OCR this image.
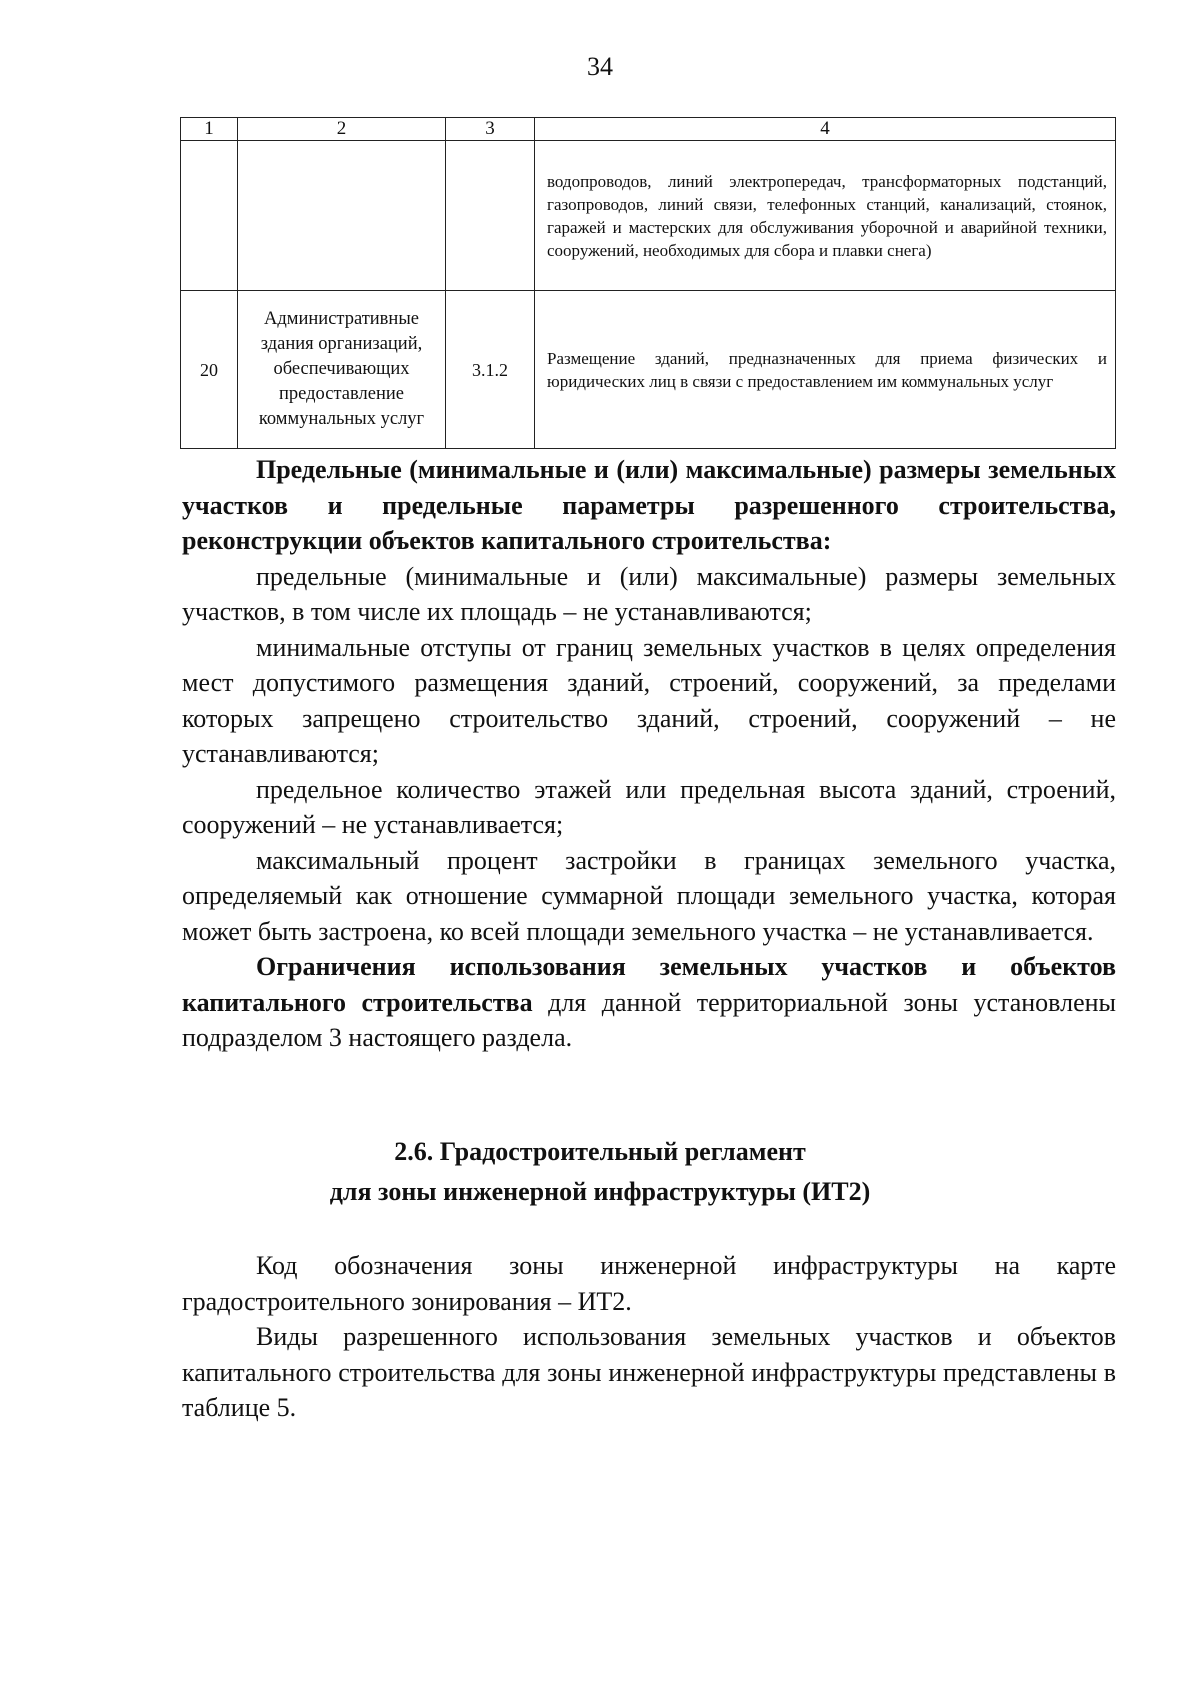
34
1	2	3	4
			водопроводов, линий электропередач, трансформаторных подстанций, газопроводов, линий связи, телефонных станций, канализаций, стоянок, гаражей и мастерских для обслуживания уборочной и аварийной техники, сооружений, необходимых для сбора и плавки снега)
20	Административные здания организаций, обеспечивающих предоставление коммунальных услуг	3.1.2	Размещение зданий, предназначенных для приема физических и юридических лиц в связи с предоставлением им коммунальных услуг

Предельные (минимальные и (или) максимальные) размеры земельных участков и предельные параметры разрешенного строительства, реконструкции объектов капитального строительства:

предельные (минимальные и (или) максимальные) размеры земельных участков, в том числе их площадь – не устанавливаются;

минимальные отступы от границ земельных участков в целях определения мест допустимого размещения зданий, строений, сооружений, за пределами которых запрещено строительство зданий, строений, сооружений – не устанавливаются;

предельное количество этажей или предельная высота зданий, строений, сооружений – не устанавливается;

максимальный процент застройки в границах земельного участка, определяемый как отношение суммарной площади земельного участка, которая может быть застроена, ко всей площади земельного участка – не устанавливается.

Ограничения использования земельных участков и объектов капитального строительства для данной территориальной зоны установлены подразделом 3 настоящего раздела.

2.6. Градостроительный регламент
для зоны инженерной инфраструктуры (ИТ2)

Код обозначения зоны инженерной инфраструктуры на карте градостроительного зонирования – ИТ2.

Виды разрешенного использования земельных участков и объектов капитального строительства для зоны инженерной инфраструктуры представлены в таблице 5.
